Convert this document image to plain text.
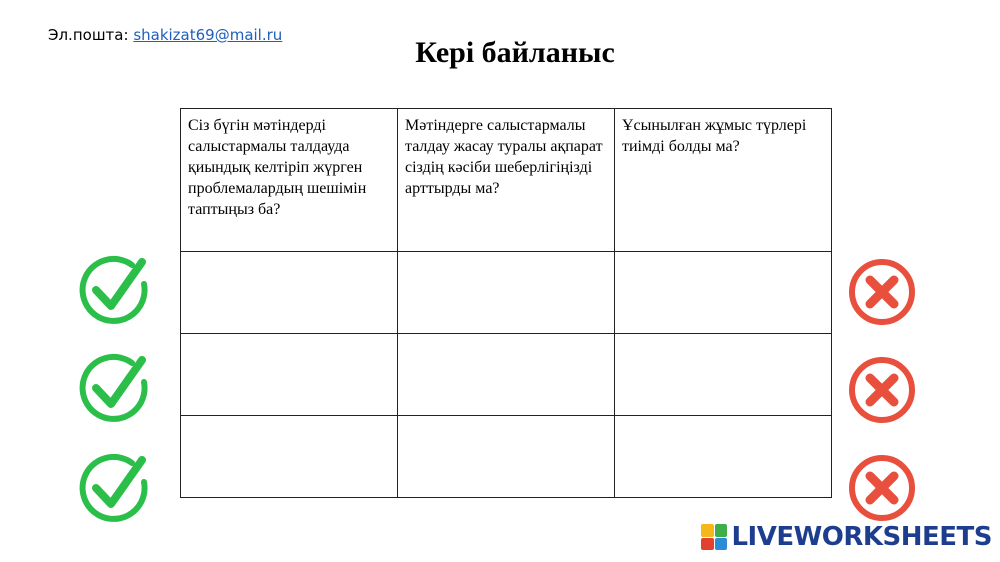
Эл.пошта: shakizat69@mail.ru
Кері байланыс
Сіз бүгін мәтіндерді салыстармалы талдауда қиындық келтіріп жүрген проблемалардың шешімін таптыңыз ба?	Мәтіндерге салыстармалы талдау жасау туралы ақпарат сіздің кәсіби шеберлігіңізді арттырды ма?	Ұсынылған жұмыс түрлері тиімді болды ма?

LIVEWORKSHEETS
